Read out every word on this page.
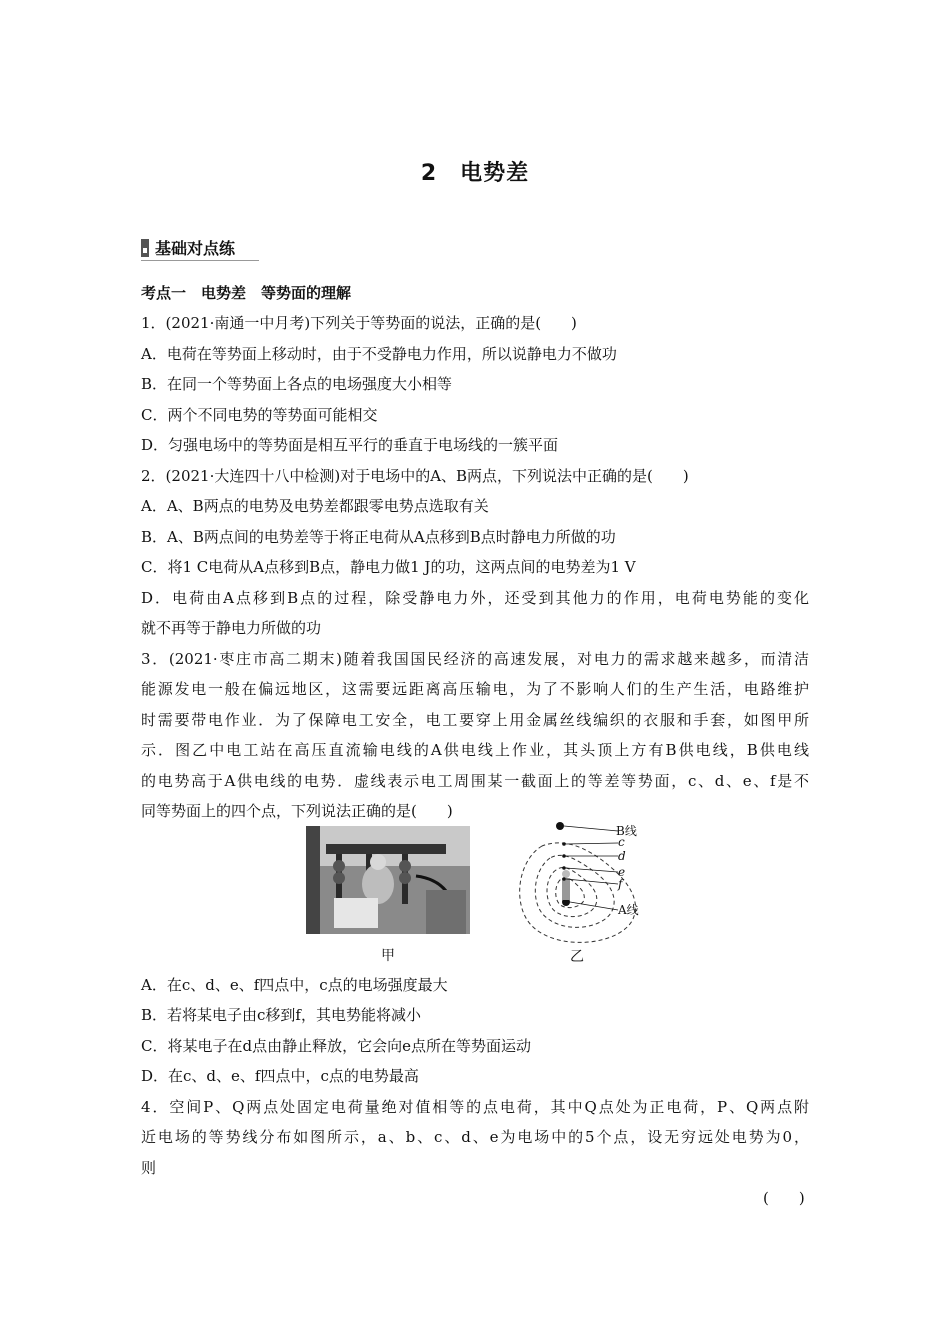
2　电势差
基础对点练
考点一　电势差　等势面的理解
1．(2021·南通一中月考)下列关于等势面的说法，正确的是(　　)
A．电荷在等势面上移动时，由于不受静电力作用，所以说静电力不做功
B．在同一个等势面上各点的电场强度大小相等
C．两个不同电势的等势面可能相交
D．匀强电场中的等势面是相互平行的垂直于电场线的一簇平面
2．(2021·大连四十八中检测)对于电场中的A、B两点，下列说法中正确的是(　　)
A．A、B两点的电势及电势差都跟零电势点选取有关
B．A、B两点间的电势差等于将正电荷从A点移到B点时静电力所做的功
C．将1 C电荷从A点移到B点，静电力做1 J的功，这两点间的电势差为1 V
D．电荷由A点移到B点的过程，除受静电力外，还受到其他力的作用，电荷电势能的变化
就不再等于静电力所做的功
3．(2021·枣庄市高二期末)随着我国国民经济的高速发展，对电力的需求越来越多，而清洁
能源发电一般在偏远地区，这需要远距离高压输电，为了不影响人们的生产生活，电路维护
时需要带电作业．为了保障电工安全，电工要穿上用金属丝线编织的衣服和手套，如图甲所
示．图乙中电工站在高压直流输电线的A供电线上作业，其头顶上方有B供电线，B供电线
的电势高于A供电线的电势．虚线表示电工周围某一截面上的等差等势面，c、d、e、f是不
同等势面上的四个点，下列说法正确的是(　　)
A．在c、d、e、f四点中，c点的电场强度最大
B．若将某电子由c移到f，其电势能将减小
C．将某电子在d点由静止释放，它会向e点所在等势面运动
D．在c、d、e、f四点中，c点的电势最高
4．空间P、Q两点处固定电荷量绝对值相等的点电荷，其中Q点处为正电荷，P、Q两点附
近电场的等势线分布如图所示，a、b、c、d、e为电场中的5个点，设无穷远处电势为0，
则
(　　)
甲
B线
c
d
e
f
A线
乙
